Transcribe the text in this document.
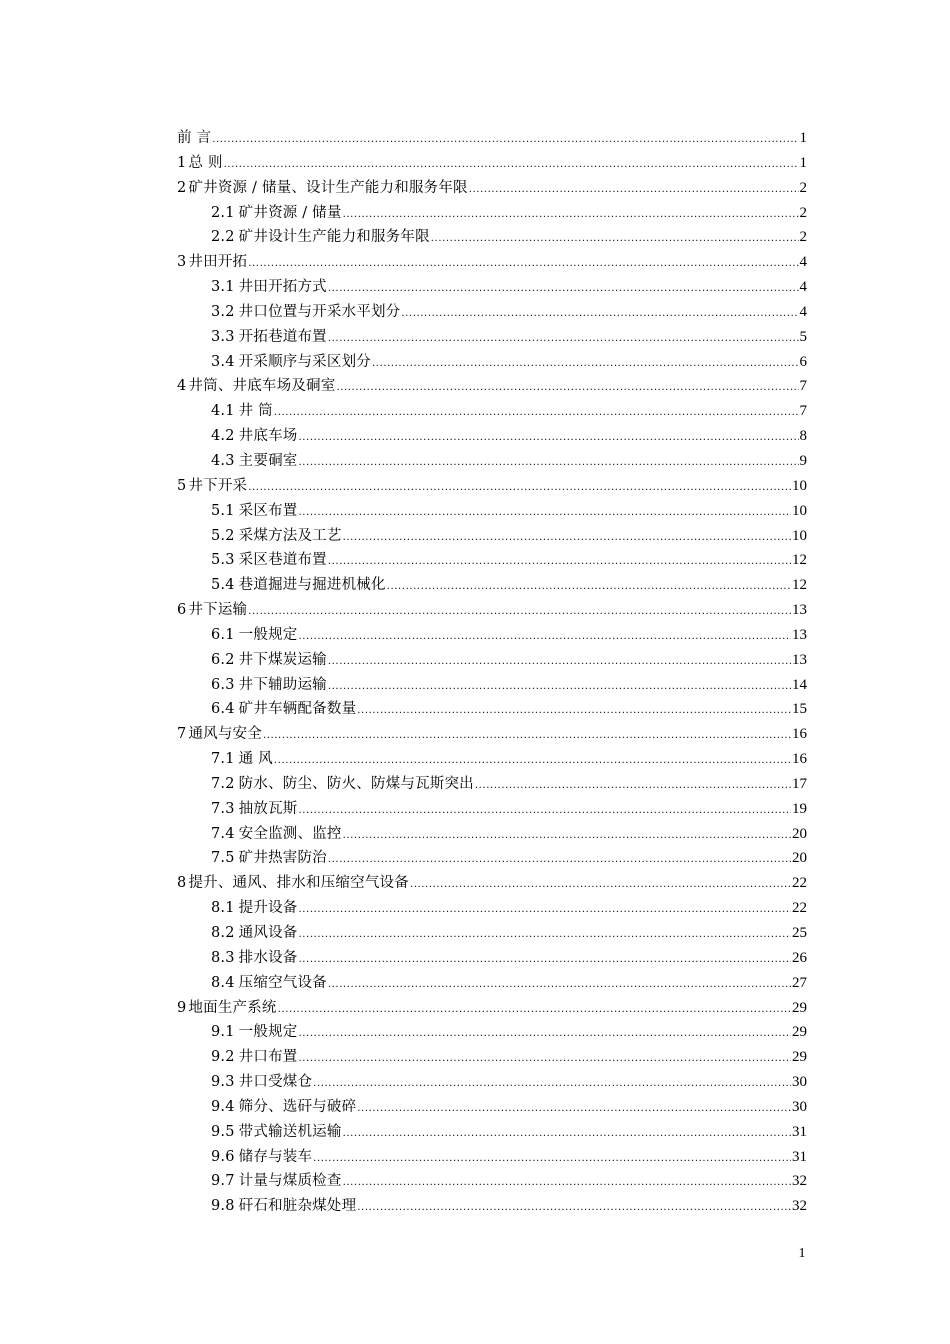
前 言 .....	1
1 总 则 .....	1
2 矿井资源 / 储量、设计生产能力和服务年限 .....	2
2.1 矿井资源 / 储量 .....	2
2.2 矿井设计生产能力和服务年限 .....	2
3 井田开拓 .....	4
3.1 井田开拓方式 .....	4
3.2 井口位置与开采水平划分 .....	4
3.3 开拓巷道布置 .....	5
3.4 开采顺序与采区划分 .....	6
4 井筒、井底车场及硐室 .....	7
4.1 井 筒 .....	7
4.2 井底车场 .....	8
4.3 主要硐室 .....	9
5 井下开采 .....	10
5.1 采区布置 .....	10
5.2 采煤方法及工艺 .....	10
5.3 采区巷道布置 .....	12
5.4 巷道掘进与掘进机械化 .....	12
6 井下运输 .....	13
6.1 一般规定 .....	13
6.2 井下煤炭运输 .....	13
6.3 井下辅助运输 .....	14
6.4 矿井车辆配备数量 .....	15
7 通风与安全 .....	16
7.1 通 风 .....	16
7.2 防水、防尘、防火、防煤与瓦斯突出 .....	17
7.3 抽放瓦斯 .....	19
7.4 安全监测、监控 .....	20
7.5 矿井热害防治 .....	20
8 提升、通风、排水和压缩空气设备 .....	22
8.1 提升设备 .....	22
8.2 通风设备 .....	25
8.3 排水设备 .....	26
8.4 压缩空气设备 .....	27
9 地面生产系统 .....	29
9.1 一般规定 .....	29
9.2 井口布置 .....	29
9.3 井口受煤仓 .....	30
9.4 筛分、选矸与破碎 .....	30
9.5 带式输送机运输 .....	31
9.6 储存与装车 .....	31
9.7 计量与煤质检查 .....	32
9.8 矸石和脏杂煤处理 .....	32
1
